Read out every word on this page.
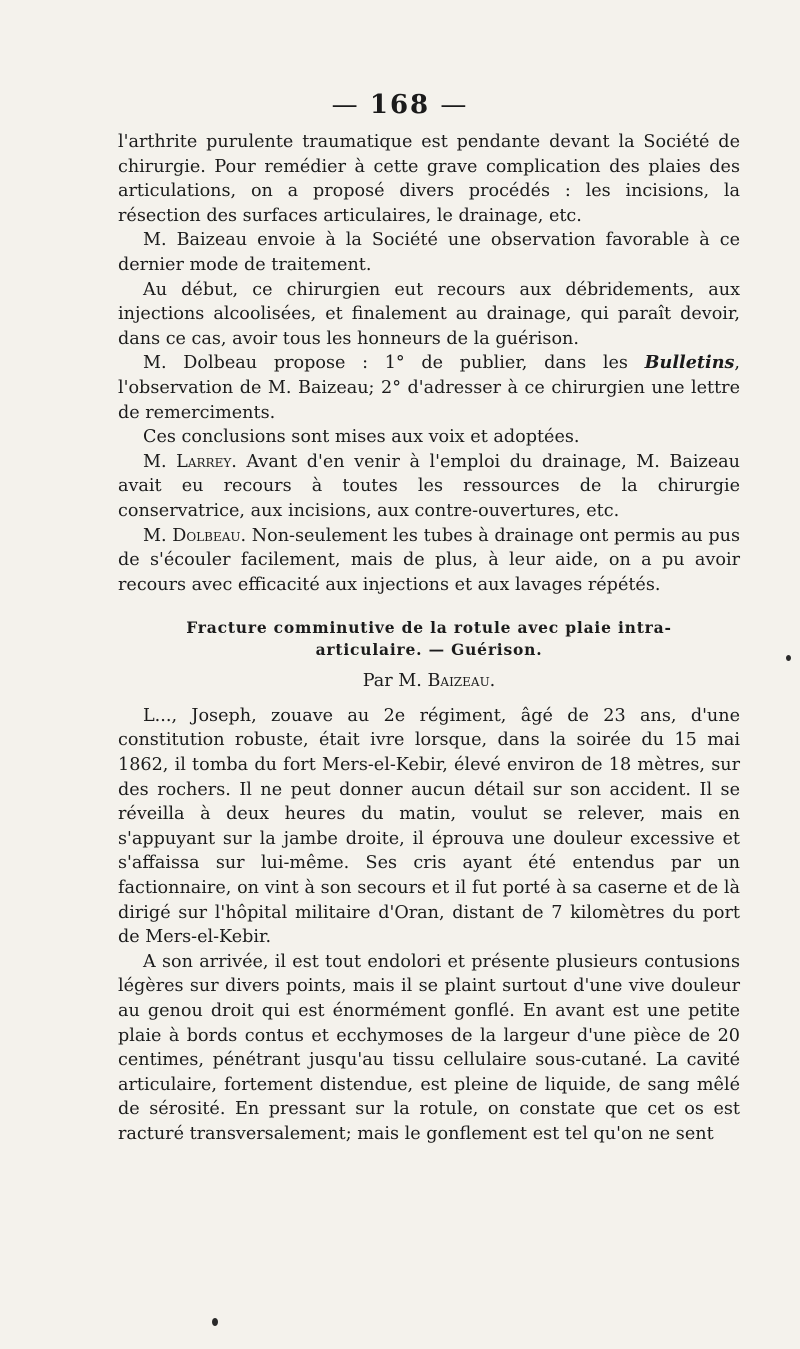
— 168 —

l'arthrite purulente traumatique est pendante devant la Société de chirurgie. Pour remédier à cette grave complication des plaies des articulations, on a proposé divers procédés : les incisions, la résection des surfaces articulaires, le drainage, etc.

M. Baizeau envoie à la Société une observation favorable à ce dernier mode de traitement.

Au début, ce chirurgien eut recours aux débridements, aux injections alcoolisées, et finalement au drainage, qui paraît devoir, dans ce cas, avoir tous les honneurs de la guérison.

M. Dolbeau propose : 1° de publier, dans les Bulletins, l'observation de M. Baizeau; 2° d'adresser à ce chirurgien une lettre de remerciments.

Ces conclusions sont mises aux voix et adoptées.

M. Larrey. Avant d'en venir à l'emploi du drainage, M. Baizeau avait eu recours à toutes les ressources de la chirurgie conservatrice, aux incisions, aux contre-ouvertures, etc.

M. Dolbeau. Non-seulement les tubes à drainage ont permis au pus de s'écouler facilement, mais de plus, à leur aide, on a pu avoir recours avec efficacité aux injections et aux lavages répétés.

Fracture comminutive de la rotule avec plaie intra-
articulaire. — Guérison.
Par M. Baizeau.

L..., Joseph, zouave au 2e régiment, âgé de 23 ans, d'une constitution robuste, était ivre lorsque, dans la soirée du 15 mai 1862, il tomba du fort Mers-el-Kebir, élevé environ de 18 mètres, sur des rochers. Il ne peut donner aucun détail sur son accident. Il se réveilla à deux heures du matin, voulut se relever, mais en s'appuyant sur la jambe droite, il éprouva une douleur excessive et s'affaissa sur lui-même. Ses cris ayant été entendus par un factionnaire, on vint à son secours et il fut porté à sa caserne et de là dirigé sur l'hôpital militaire d'Oran, distant de 7 kilomètres du port de Mers-el-Kebir.

A son arrivée, il est tout endolori et présente plusieurs contusions légères sur divers points, mais il se plaint surtout d'une vive douleur au genou droit qui est énormément gonflé. En avant est une petite plaie à bords contus et ecchymoses de la largeur d'une pièce de 20 centimes, pénétrant jusqu'au tissu cellulaire sous-cutané. La cavité articulaire, fortement distendue, est pleine de liquide, de sang mêlé de sérosité. En pressant sur la rotule, on constate que cet os est racturé transversalement; mais le gonflement est tel qu'on ne sent
